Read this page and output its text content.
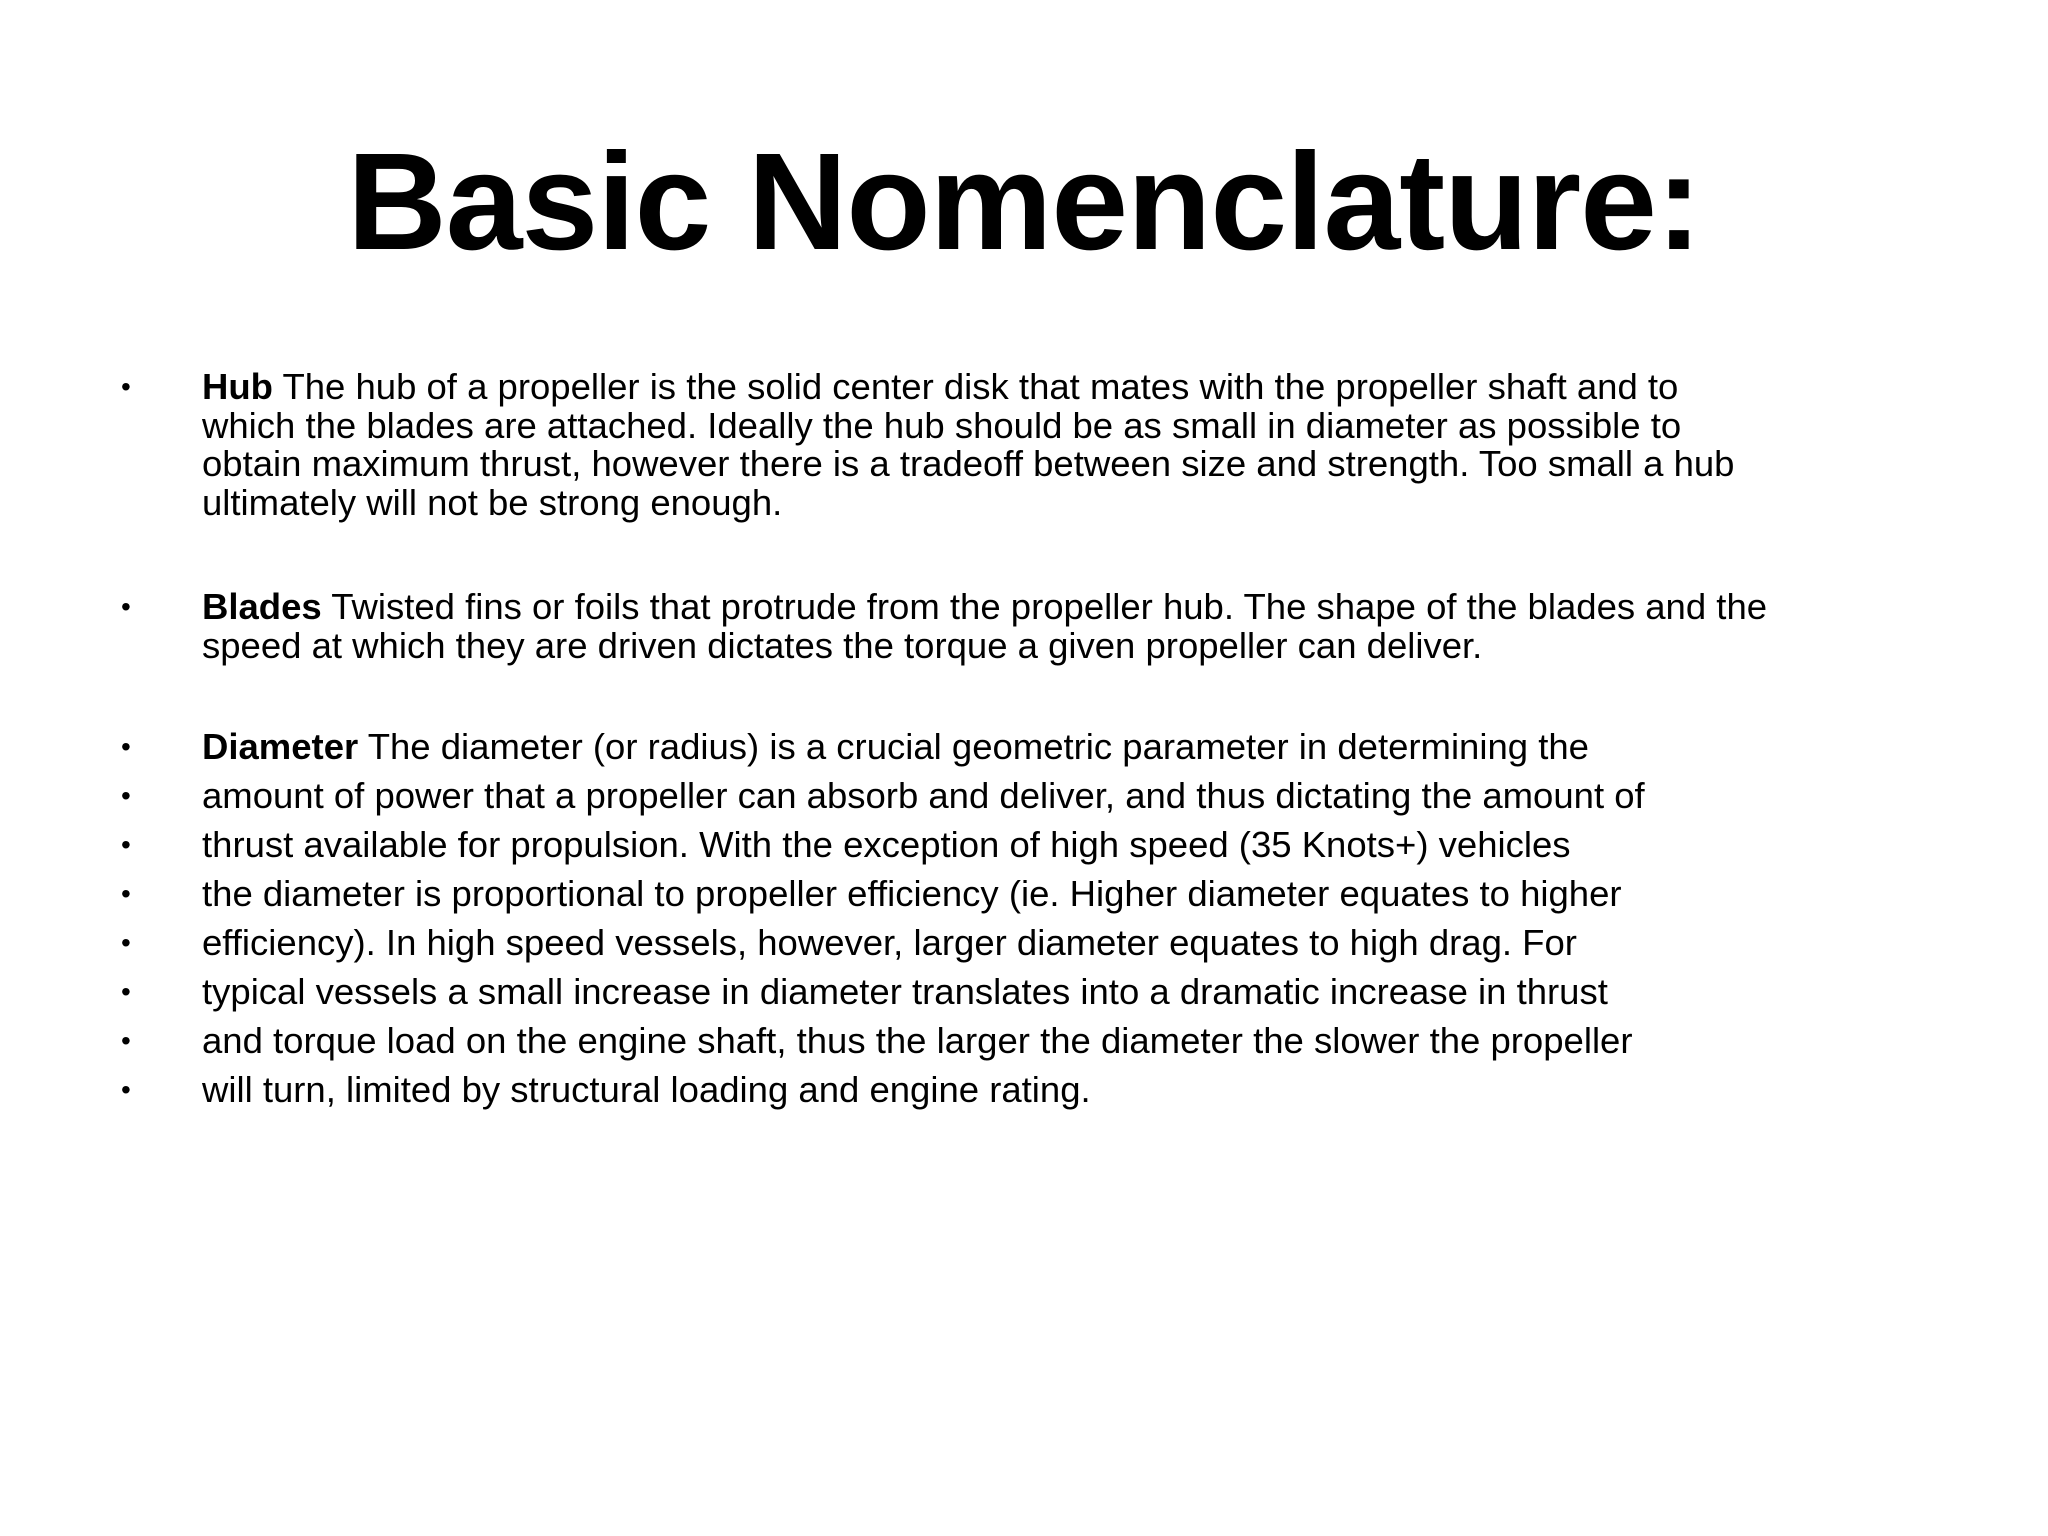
Basic Nomenclature:
• Hub The hub of a propeller is the solid center disk that mates with the propeller shaft and to
which the blades are attached. Ideally the hub should be as small in diameter as possible to
obtain maximum thrust, however there is a tradeoff between size and strength. Too small a hub
ultimately will not be strong enough.
• Blades Twisted fins or foils that protrude from the propeller hub. The shape of the blades and the
speed at which they are driven dictates the torque a given propeller can deliver.
• Diameter The diameter (or radius) is a crucial geometric parameter in determining the
• amount of power that a propeller can absorb and deliver, and thus dictating the amount of
• thrust available for propulsion. With the exception of high speed (35 Knots+) vehicles
• the diameter is proportional to propeller efficiency (ie. Higher diameter equates to higher
• efficiency). In high speed vessels, however, larger diameter equates to high drag. For
• typical vessels a small increase in diameter translates into a dramatic increase in thrust
• and torque load on the engine shaft, thus the larger the diameter the slower the propeller
• will turn, limited by structural loading and engine rating.
